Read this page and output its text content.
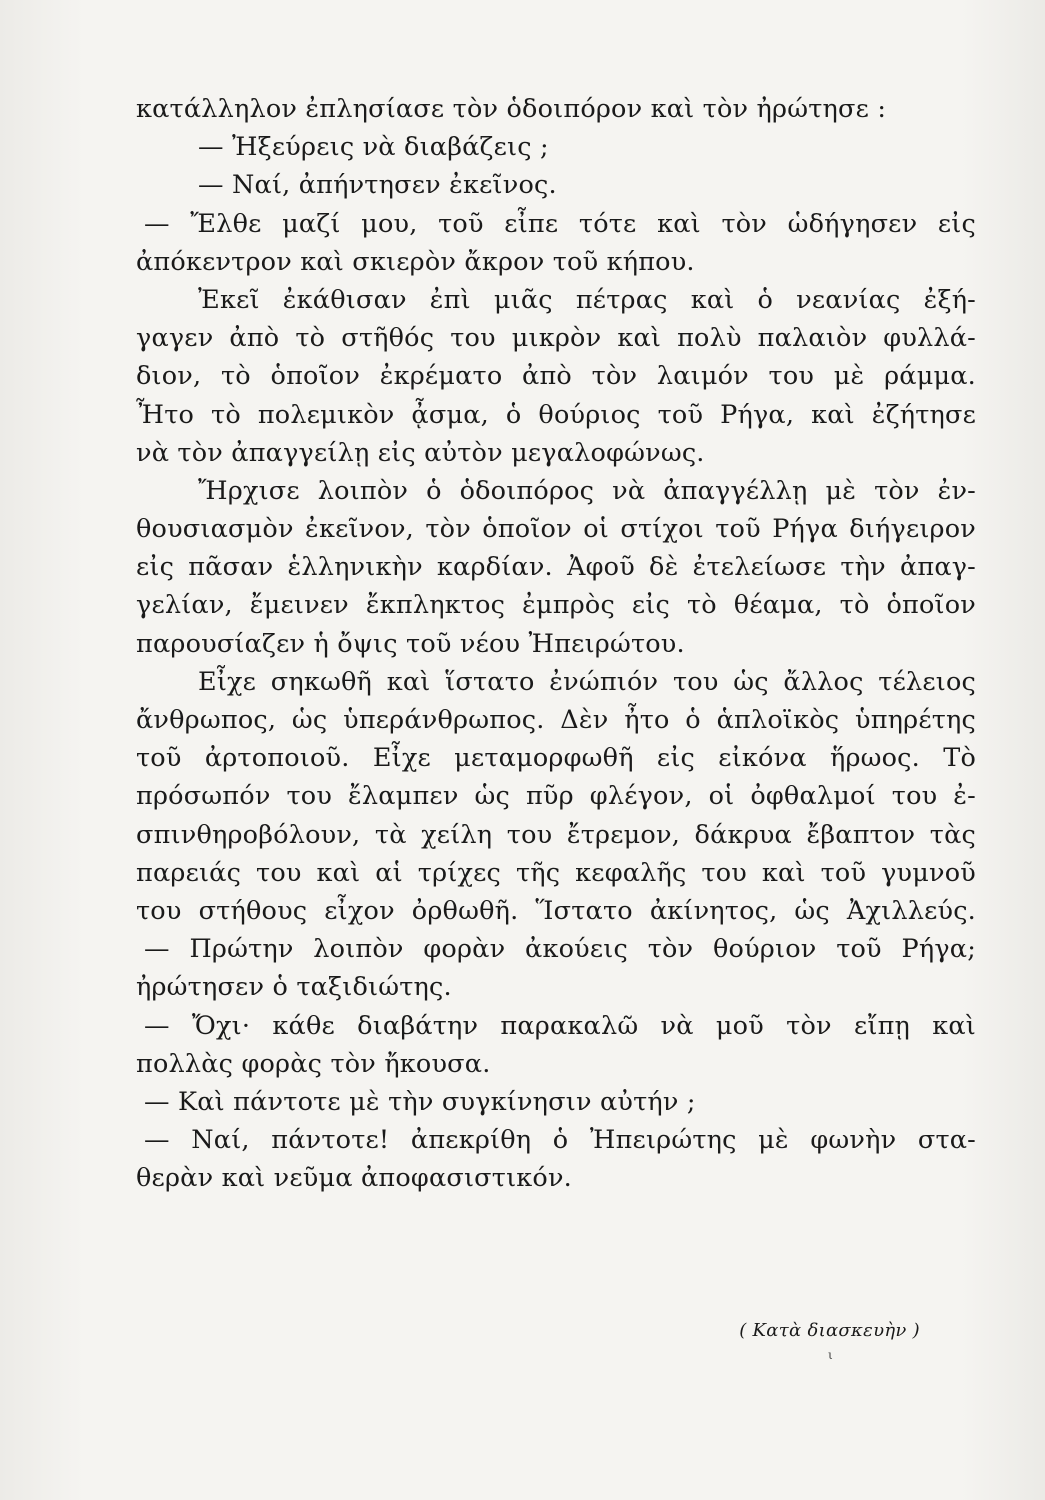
κατάλληλον ἐπλησίασε τὸν ὁδοιπόρον καὶ τὸν ἠρώτησε :
— Ἠξεύρεις νὰ διαβάζεις ;
— Ναί, ἀπήντησεν ἐκεῖνος.
— Ἔλθε μαζί μου, τοῦ εἶπε τότε καὶ τὸν ὡδήγησεν εἰς
ἀπόκεντρον καὶ σκιερὸν ἄκρον τοῦ κήπου.
Ἐκεῖ ἐκάθισαν ἐπὶ μιᾶς πέτρας καὶ ὁ νεανίας ἐξή-
γαγεν ἀπὸ τὸ στῆθός του μικρὸν καὶ πολὺ παλαιὸν φυλλά-
διον, τὸ ὁποῖον ἐκρέματο ἀπὸ τὸν λαιμόν του μὲ ράμμα.
Ἦτο τὸ πολεμικὸν ᾆσμα, ὁ θούριος τοῦ Ρήγα, καὶ ἐζήτησε
νὰ τὸν ἀπαγγείλῃ εἰς αὐτὸν μεγαλοφώνως.
Ἤρχισε λοιπὸν ὁ ὁδοιπόρος νὰ ἀπαγγέλλῃ μὲ τὸν ἐν-
θουσιασμὸν ἐκεῖνον, τὸν ὁποῖον οἱ στίχοι τοῦ Ρήγα διήγειρον
εἰς πᾶσαν ἑλληνικὴν καρδίαν. Ἀφοῦ δὲ ἐτελείωσε τὴν ἀπαγ-
γελίαν, ἔμεινεν ἔκπληκτος ἐμπρὸς εἰς τὸ θέαμα, τὸ ὁποῖον
παρουσίαζεν ἡ ὄψις τοῦ νέου Ἠπειρώτου.
Εἶχε σηκωθῆ καὶ ἵστατο ἐνώπιόν του ὡς ἄλλος τέλειος
ἄνθρωπος, ὡς ὑπεράνθρωπος. Δὲν ἦτο ὁ ἁπλοϊκὸς ὑπηρέτης
τοῦ ἀρτοποιοῦ. Εἶχε μεταμορφωθῆ εἰς εἰκόνα ἥρωος. Τὸ
πρόσωπόν του ἔλαμπεν ὡς πῦρ φλέγον, οἱ ὀφθαλμοί του ἐ-
σπινθηροβόλουν, τὰ χείλη του ἔτρεμον, δάκρυα ἔβαπτον τὰς
παρειάς του καὶ αἱ τρίχες τῆς κεφαλῆς του καὶ τοῦ γυμνοῦ
του στήθους εἶχον ὀρθωθῆ. Ἵστατο ἀκίνητος, ὡς Ἀχιλλεύς.
— Πρώτην λοιπὸν φορὰν ἀκούεις τὸν θούριον τοῦ Ρήγα;
ἠρώτησεν ὁ ταξιδιώτης.
— Ὄχι· κάθε διαβάτην παρακαλῶ νὰ μοῦ τὸν εἴπῃ καὶ
πολλὰς φορὰς τὸν ἤκουσα.
— Καὶ πάντοτε μὲ τὴν συγκίνησιν αὐτήν ;
— Ναί, πάντοτε! ἀπεκρίθη ὁ Ἠπειρώτης μὲ φωνὴν στα-
θερὰν καὶ νεῦμα ἀποφασιστικόν.
( Κατὰ διασκευὴν )
ι
